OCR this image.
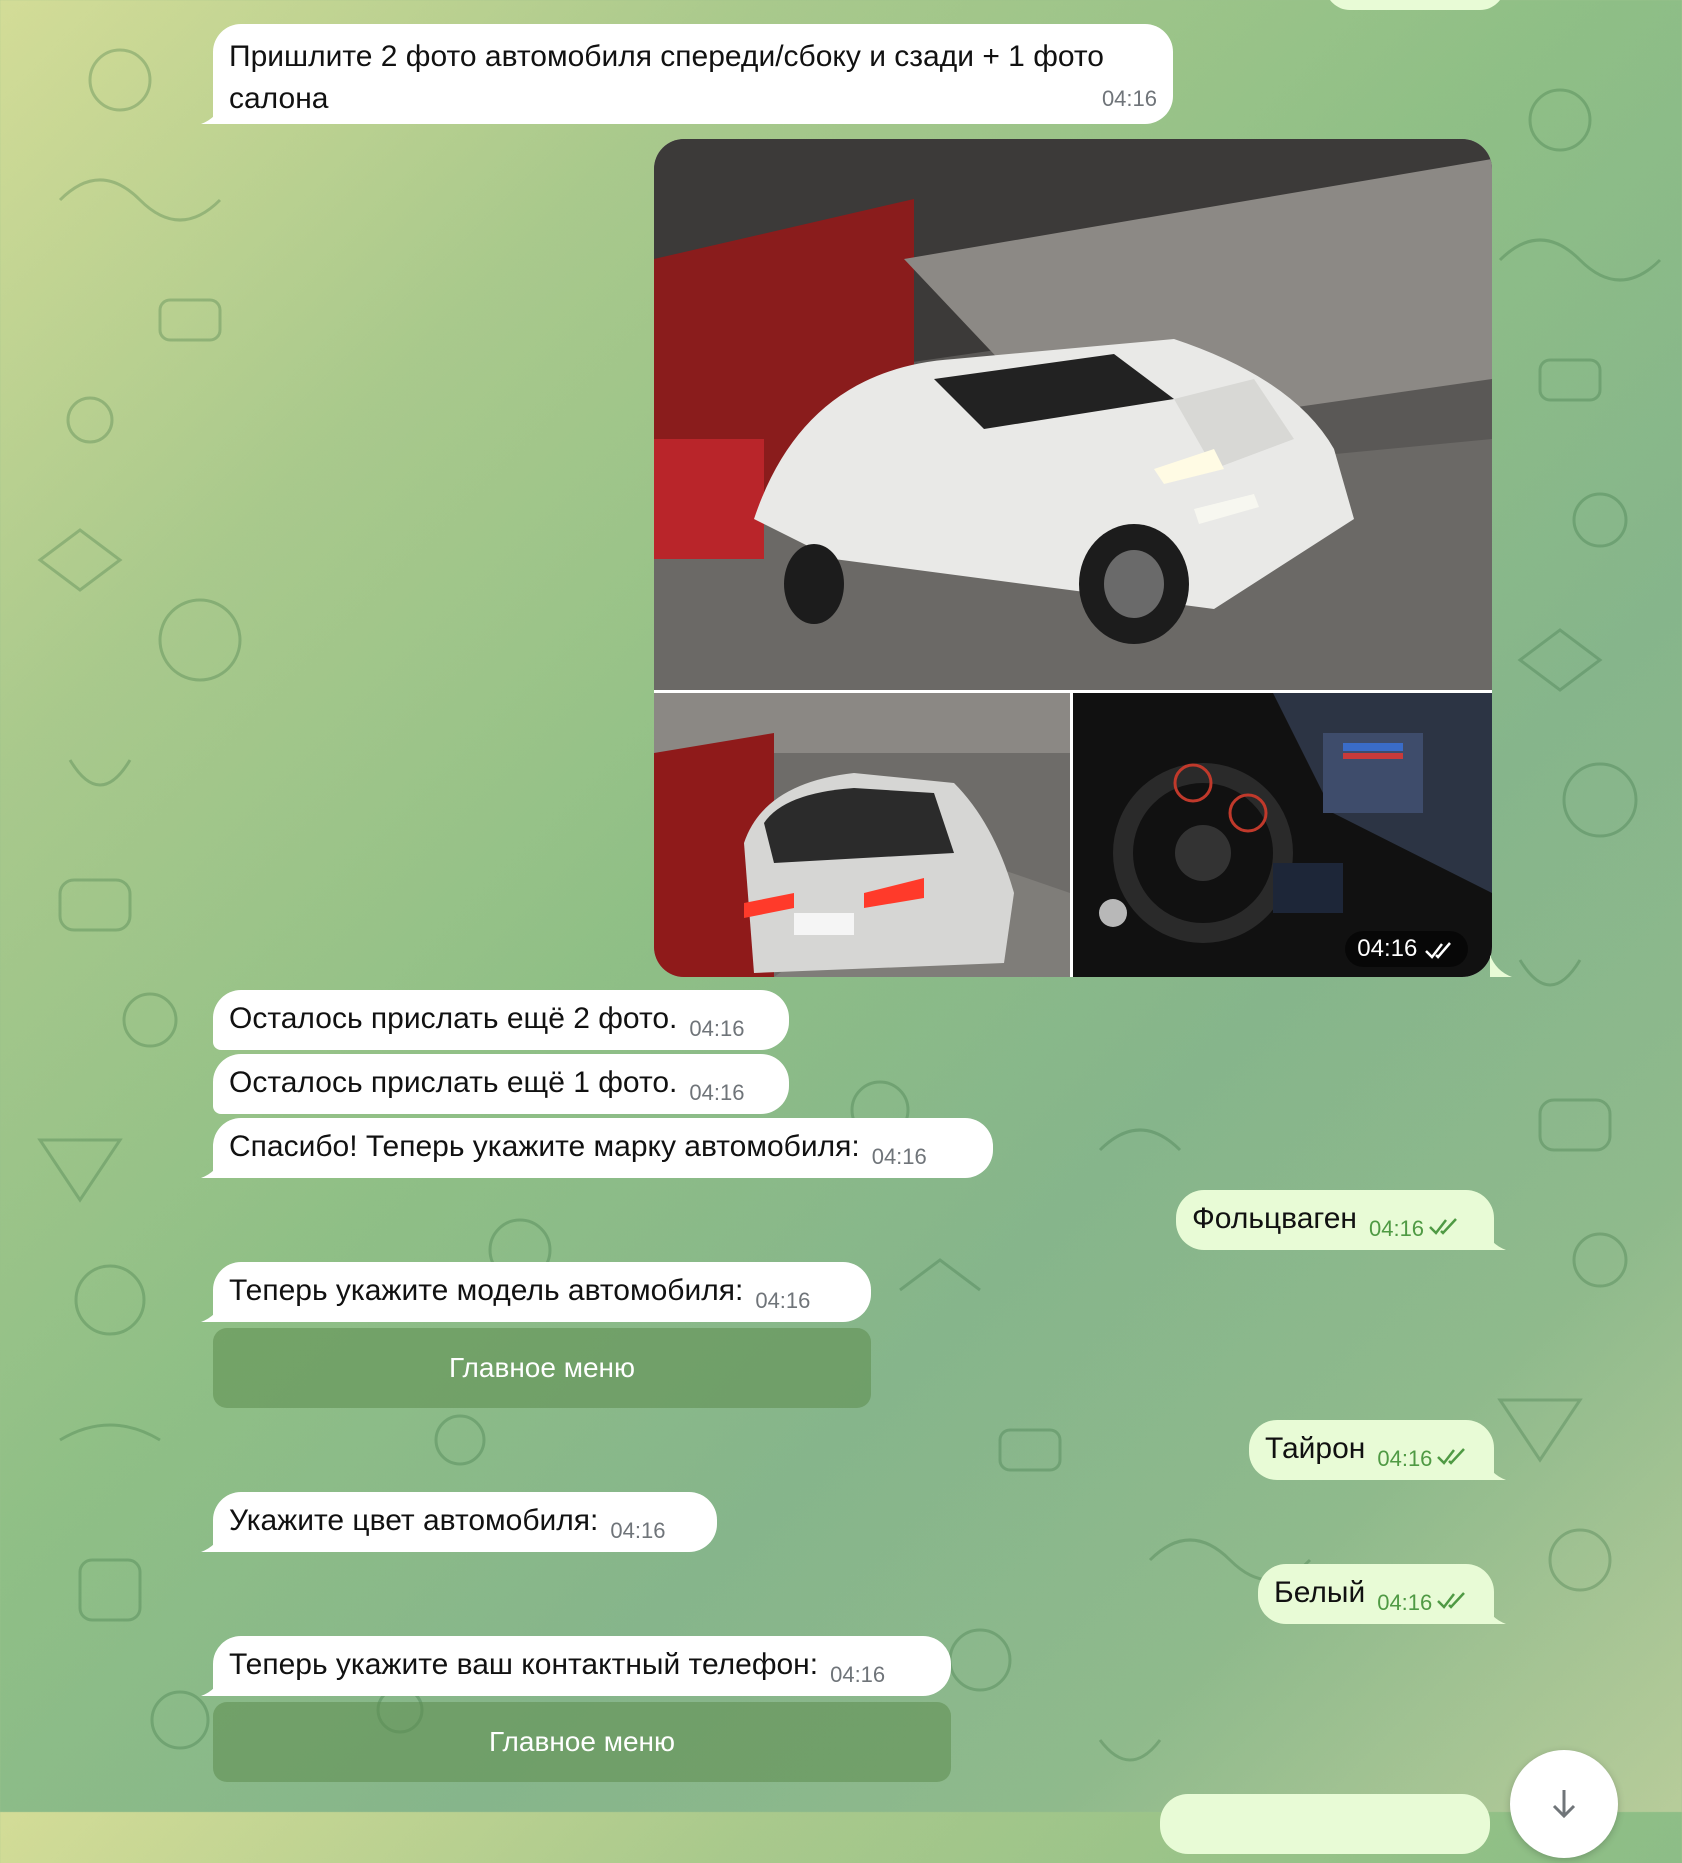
Пришлите 2 фото автомобиля спереди/сбоку и сзади + 1 фото салона	04:16
04:16
Осталось прислать ещё 2 фото. $_{04:16}$
Осталось прислать ещё 1 фото. $_{04:16}$
Спасибо! Теперь укажите марку автомобиля: $_{04:16}$
Фольцваген $_{04:16}$
Теперь укажите модель автомобиля: $_{04:16}$
Главное меню
Тайрон $_{04:16}$
Укажите цвет автомобиля: $_{04:16}$
Белый $_{04:16}$
Теперь укажите ваш контактный телефон: $_{04:16}$
Главное меню
